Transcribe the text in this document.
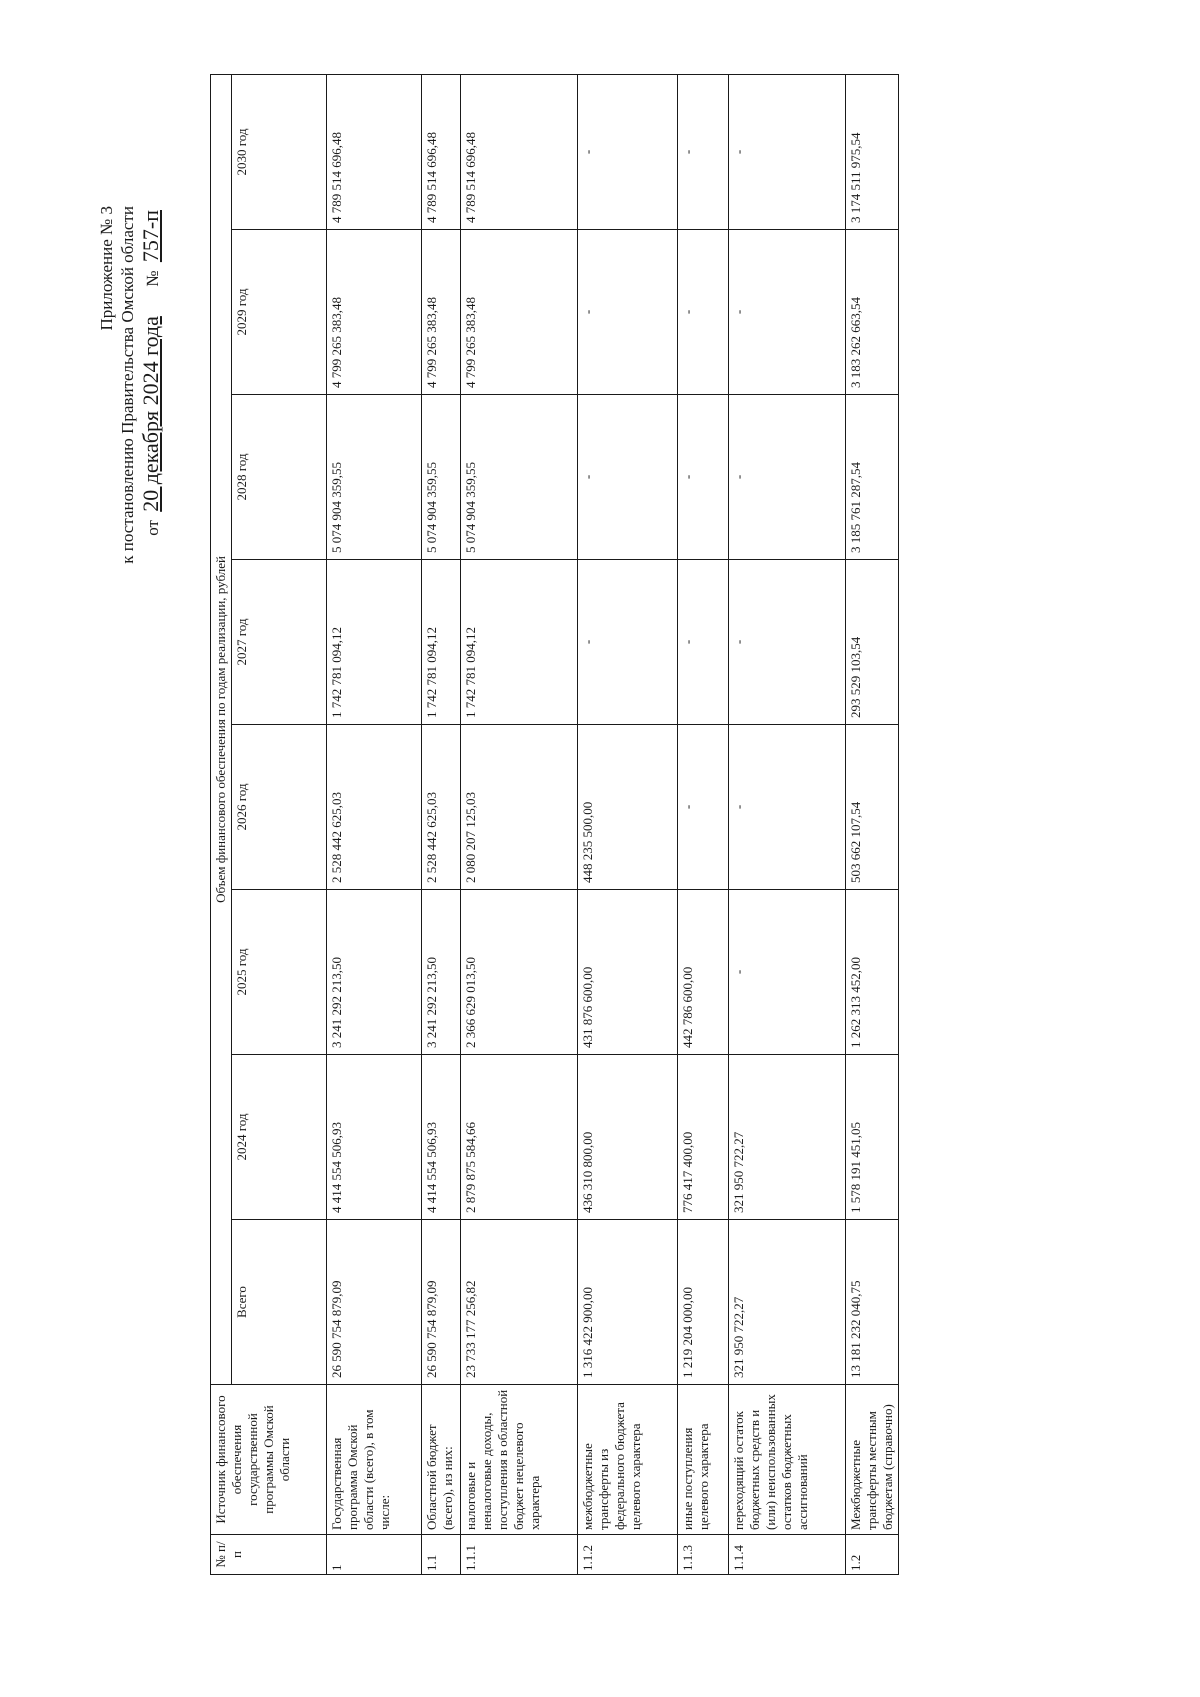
Приложение № 3 к постановлению Правительства Омской области от 20 декабря 2024 года      № 757-п
№ п/п	Источник финансового обеспечения государственной программы Омской области	Объем финансового обеспечения по годам реализации, рублей							
		Всего	2024 год	2025 год	2026 год	2027 год	2028 год	2029 год	2030 год
1	Государственная программа Омской области (всего), в том числе:	26 590 754 879,09	4 414 554 506,93	3 241 292 213,50	2 528 442 625,03	1 742 781 094,12	5 074 904 359,55	4 799 265 383,48	4 789 514 696,48
1.1	Областной бюджет (всего), из них:	26 590 754 879,09	4 414 554 506,93	3 241 292 213,50	2 528 442 625,03	1 742 781 094,12	5 074 904 359,55	4 799 265 383,48	4 789 514 696,48
1.1.1	налоговые и неналоговые доходы, поступления в областной бюджет нецелевого характера	23 733 177 256,82	2 879 875 584,66	2 366 629 013,50	2 080 207 125,03	1 742 781 094,12	5 074 904 359,55	4 799 265 383,48	4 789 514 696,48
1.1.2	межбюджетные трансферты из федерального бюджета целевого характера	1 316 422 900,00	436 310 800,00	431 876 600,00	448 235 500,00	-	-	-	-
1.1.3	иные поступления целевого характера	1 219 204 000,00	776 417 400,00	442 786 600,00	-	-	-	-	-
1.1.4	переходящий остаток бюджетных средств и (или) неиспользованных остатков бюджетных ассигнований	321 950 722,27	321 950 722,27	-	-	-	-	-	-
1.2	Межбюджетные трансферты местным бюджетам (справочно)	13 181 232 040,75	1 578 191 451,05	1 262 313 452,00	503 662 107,54	293 529 103,54	3 185 761 287,54	3 183 262 663,54	3 174 511 975,54
